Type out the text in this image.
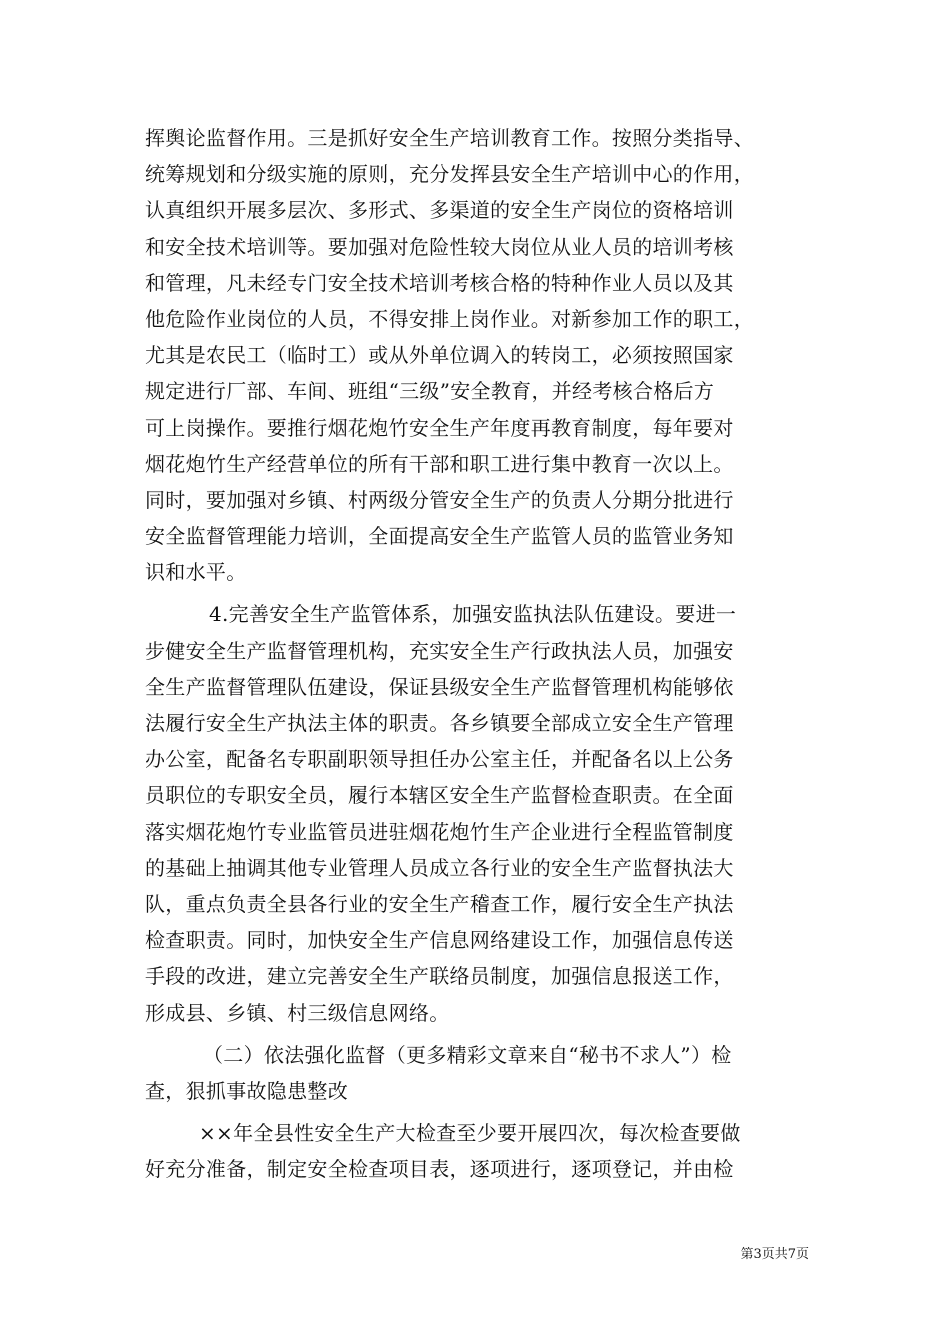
挥舆论监督作用。三是抓好安全生产培训教育工作。按照分类指导、
统筹规划和分级实施的原则，充分发挥县安全生产培训中心的作用，
认真组织开展多层次、多形式、多渠道的安全生产岗位的资格培训
和安全技术培训等。要加强对危险性较大岗位从业人员的培训考核
和管理，凡未经专门安全技术培训考核合格的特种作业人员以及其
他危险作业岗位的人员，不得安排上岗作业。对新参加工作的职工，
尤其是农民工（临时工）或从外单位调入的转岗工，必须按照国家
规定进行厂部、车间、班组“三级”安全教育，并经考核合格后方
可上岗操作。要推行烟花炮竹安全生产年度再教育制度，每年要对
烟花炮竹生产经营单位的所有干部和职工进行集中教育一次以上。
同时，要加强对乡镇、村两级分管安全生产的负责人分期分批进行
安全监督管理能力培训，全面提高安全生产监管人员的监管业务知
识和水平。
4.完善安全生产监管体系，加强安监执法队伍建设。要进一
步健安全生产监督管理机构，充实安全生产行政执法人员，加强安
全生产监督管理队伍建设，保证县级安全生产监督管理机构能够依
法履行安全生产执法主体的职责。各乡镇要全部成立安全生产管理
办公室，配备名专职副职领导担任办公室主任，并配备名以上公务
员职位的专职安全员，履行本辖区安全生产监督检查职责。在全面
落实烟花炮竹专业监管员进驻烟花炮竹生产企业进行全程监管制度
的基础上抽调其他专业管理人员成立各行业的安全生产监督执法大
队，重点负责全县各行业的安全生产稽查工作，履行安全生产执法
检查职责。同时，加快安全生产信息网络建设工作，加强信息传送
手段的改进，建立完善安全生产联络员制度，加强信息报送工作，
形成县、乡镇、村三级信息网络。
（二）依法强化监督（更多精彩文章来自“秘书不求人”）检
查，狠抓事故隐患整改
××年全县性安全生产大检查至少要开展四次，每次检查要做
好充分准备，制定安全检查项目表，逐项进行，逐项登记，并由检
第3页共7页
